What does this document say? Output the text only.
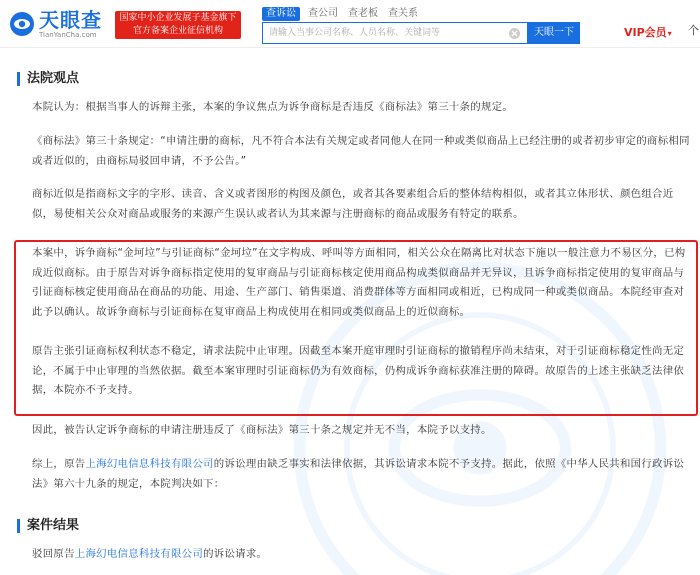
天眼查
TianYanCha.com
国家中小企业发展子基金旗下
官方备案企业征信机构
查诉讼	查公司 查老板 查关系
请输入当事公司名称、人员名称、关键词等
天眼一下	VIP会员▾ 个
法院观点
本院认为：根据当事人的诉辩主张，本案的争议焦点为诉争商标是否违反《商标法》第三十条的规定。
《商标法》第三十条规定：“申请注册的商标，凡不符合本法有关规定或者同他人在同一种或类似商品上已经注册的或者初步审定的商标相同或者近似的，由商标局驳回申请，不予公告。”
商标近似是指商标文字的字形、读音、含义或者图形的构图及颜色，或者其各要素组合后的整体结构相似，或者其立体形状、颜色组合近似，易使相关公众对商品或服务的来源产生误认或者认为其来源与注册商标的商品或服务有特定的联系。
本案中，诉争商标“金坷垃”与引证商标“金坷垃”在文字构成、呼叫等方面相同，相关公众在隔离比对状态下施以一般注意力不易区分，已构成近似商标。由于原告对诉争商标指定使用的复审商品与引证商标核定使用商品构成类似商品并无异议，且诉争商标指定使用的复审商品与引证商标核定使用商品在商品的功能、用途、生产部门、销售渠道、消费群体等方面相同或相近，已构成同一种或类似商品。本院经审查对此予以确认。故诉争商标与引证商标在复审商品上构成使用在相同或类似商品上的近似商标。
原告主张引证商标权利状态不稳定，请求法院中止审理。因截至本案开庭审理时引证商标的撤销程序尚未结束，对于引证商标稳定性尚无定论，不属于中止审理的当然依据。截至本案审理时引证商标仍为有效商标，仍构成诉争商标获准注册的障碍。故原告的上述主张缺乏法律依据，本院亦不予支持。
因此，被告认定诉争商标的申请注册违反了《商标法》第三十条之规定并无不当，本院予以支持。
综上，原告上海幻电信息科技有限公司的诉讼理由缺乏事实和法律依据，其诉讼请求本院不予支持。据此，依照《中华人民共和国行政诉讼法》第六十九条的规定，本院判决如下：
案件结果
驳回原告上海幻电信息科技有限公司的诉讼请求。
